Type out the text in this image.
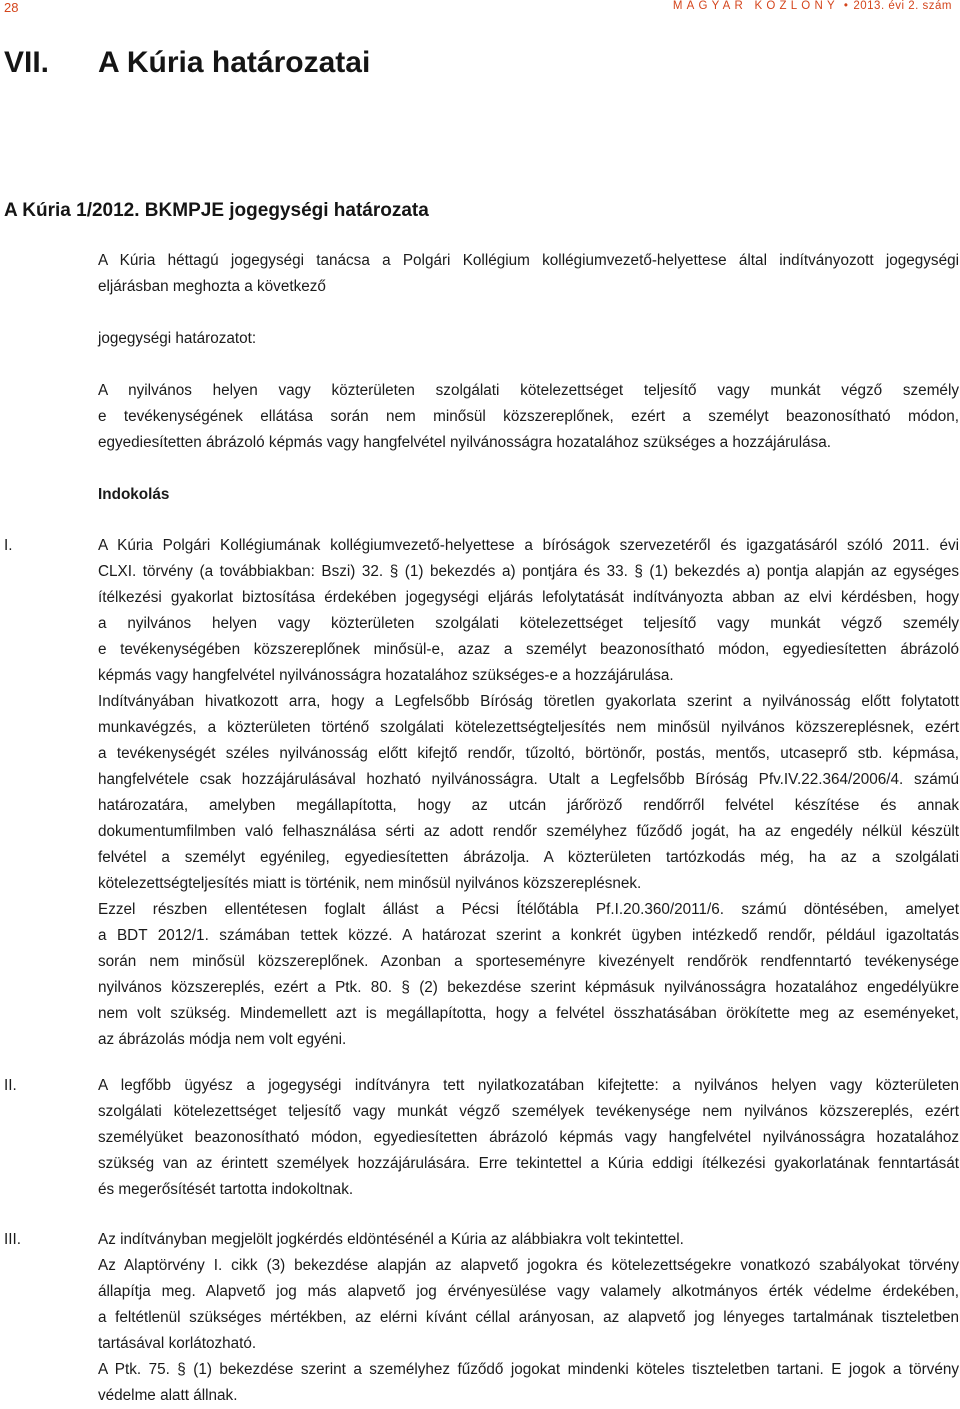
28	MAGYAR KÖZLÖNY • 2013. évi 2. szám
VII. A Kúria határozatai
A Kúria 1/2012. BKMPJE jogegységi határozata
A Kúria héttagú jogegységi tanácsa a Polgári Kollégium kollégiumvezető-helyettese által indítványozott jogegységi
eljárásban meghozta a következő
jogegységi határozatot:
A nyilvános helyen vagy közterületen szolgálati kötelezettséget teljesítő vagy munkát végző személy
e tevékenységének ellátása során nem minősül közszereplőnek, ezért a személyt beazonosítható módon,
egyediesítetten ábrázoló képmás vagy hangfelvétel nyilvánosságra hozatalához szükséges a hozzájárulása.
Indokolás
I.	A Kúria Polgári Kollégiumának kollégiumvezető-helyettese a bíróságok szervezetéről és igazgatásáról szóló 2011. évi
CLXI. törvény (a továbbiakban: Bszi) 32. § (1) bekezdés a) pontjára és 33. § (1) bekezdés a) pontja alapján az egységes
ítélkezési gyakorlat biztosítása érdekében jogegységi eljárás lefolytatását indítványozta abban az elvi kérdésben, hogy
a nyilvános helyen vagy közterületen szolgálati kötelezettséget teljesítő vagy munkát végző személy
e tevékenységében közszereplőnek minősül-e, azaz a személyt beazonosítható módon, egyediesítetten ábrázoló
képmás vagy hangfelvétel nyilvánosságra hozatalához szükséges-e a hozzájárulása.
Indítványában hivatkozott arra, hogy a Legfelsőbb Bíróság töretlen gyakorlata szerint a nyilvánosság előtt folytatott
munkavégzés, a közterületen történő szolgálati kötelezettségteljesítés nem minősül nyilvános közszereplésnek, ezért
a tevékenységét széles nyilvánosság előtt kifejtő rendőr, tűzoltó, börtönőr, postás, mentős, utcaseprő stb. képmása,
hangfelvétele csak hozzájárulásával hozható nyilvánosságra. Utalt a Legfelsőbb Bíróság Pfv.IV.22.364/2006/4. számú
határozatára, amelyben megállapította, hogy az utcán járőröző rendőrről felvétel készítése és annak
dokumentumfilmben való felhasználása sérti az adott rendőr személyhez fűződő jogát, ha az engedély nélkül készült
felvétel a személyt egyénileg, egyediesítetten ábrázolja. A közterületen tartózkodás még, ha az a szolgálati
kötelezettségteljesítés miatt is történik, nem minősül nyilvános közszereplésnek.
Ezzel részben ellentétesen foglalt állást a Pécsi Ítélőtábla Pf.I.20.360/2011/6. számú döntésében, amelyet
a BDT 2012/1. számában tettek közzé. A határozat szerint a konkrét ügyben intézkedő rendőr, például igazoltatás
során nem minősül közszereplőnek. Azonban a sporteseményre kivezényelt rendőrök rendfenntartó tevékenysége
nyilvános közszereplés, ezért a Ptk. 80. § (2) bekezdése szerint képmásuk nyilvánosságra hozatalához engedélyükre
nem volt szükség. Mindemellett azt is megállapította, hogy a felvétel összhatásában örökítette meg az eseményeket,
az ábrázolás módja nem volt egyéni.
II.	A legfőbb ügyész a jogegységi indítványra tett nyilatkozatában kifejtette: a nyilvános helyen vagy közterületen
szolgálati kötelezettséget teljesítő vagy munkát végző személyek tevékenysége nem nyilvános közszereplés, ezért
személyüket beazonosítható módon, egyediesítetten ábrázoló képmás vagy hangfelvétel nyilvánosságra hozatalához
szükség van az érintett személyek hozzájárulására. Erre tekintettel a Kúria eddigi ítélkezési gyakorlatának fenntartását
és megerősítését tartotta indokoltnak.
III.	Az indítványban megjelölt jogkérdés eldöntésénél a Kúria az alábbiakra volt tekintettel.
Az Alaptörvény I. cikk (3) bekezdése alapján az alapvető jogokra és kötelezettségekre vonatkozó szabályokat törvény
állapítja meg. Alapvető jog más alapvető jog érvényesülése vagy valamely alkotmányos érték védelme érdekében,
a feltétlenül szükséges mértékben, az elérni kívánt céllal arányosan, az alapvető jog lényeges tartalmának tiszteletben
tartásával korlátozható.
A Ptk. 75. § (1) bekezdése szerint a személyhez fűződő jogokat mindenki köteles tiszteletben tartani. E jogok a törvény
védelme alatt állnak.
